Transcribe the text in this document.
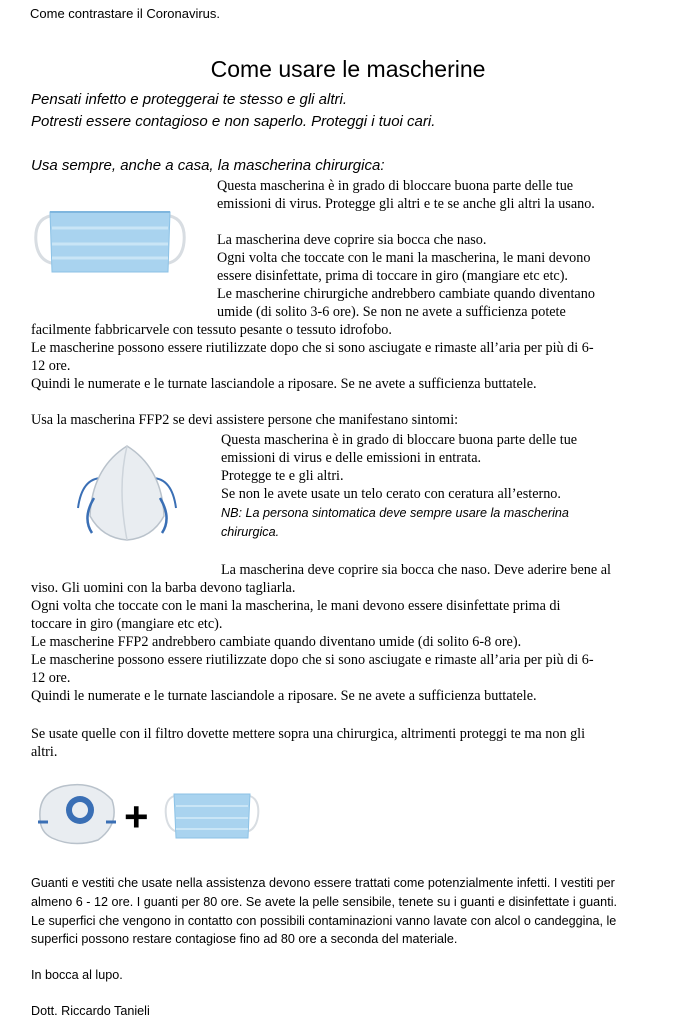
Come contrastare il Coronavirus.
Come usare le mascherine
Pensati infetto e proteggerai te stesso e gli altri.
Potresti essere contagioso e non saperlo. Proteggi i tuoi cari.
Usa sempre, anche a casa, la mascherina chirurgica:
Questa mascherina è in grado di bloccare buona parte delle tue
emissioni di virus. Protegge gli altri e te se anche gli altri la usano.
La mascherina deve coprire sia bocca che naso.
Ogni volta che toccate con le mani la mascherina, le mani devono
essere disinfettate, prima di toccare in giro (mangiare etc etc).
Le mascherine chirurgiche andrebbero cambiate quando diventano
umide (di solito 3-6 ore). Se non ne avete a sufficienza potete
facilmente fabbricarvele con tessuto pesante o tessuto idrofobo.
Le mascherine possono essere riutilizzate dopo che si sono asciugate e rimaste all’aria per più di 6-
12 ore.
Quindi le numerate e le turnate lasciandole a riposare. Se ne avete a sufficienza buttatele.
Usa la mascherina FFP2 se devi assistere persone che manifestano sintomi:
Questa mascherina è in grado di bloccare buona parte delle tue
emissioni di virus e delle emissioni in entrata.
Protegge te e gli altri.
Se non le avete usate un telo cerato con ceratura all’esterno.
NB: La persona sintomatica deve sempre usare la mascherina
chirurgica.
La mascherina deve coprire sia bocca che naso. Deve aderire bene al
viso. Gli uomini con la barba devono tagliarla.
Ogni volta che toccate con le mani la mascherina, le mani devono essere disinfettate prima di
toccare in giro (mangiare etc etc).
Le mascherine FFP2 andrebbero cambiate quando diventano umide (di solito 6-8 ore).
Le mascherine possono essere riutilizzate dopo che si sono asciugate e rimaste all’aria per più di 6-
12 ore.
Quindi le numerate e le turnate lasciandole a riposare. Se ne avete a sufficienza buttatele.
Se usate quelle con il filtro dovette mettere sopra una chirurgica, altrimenti proteggi te ma non gli
altri.
+
Guanti e vestiti che usate nella assistenza devono essere trattati come potenzialmente infetti. I vestiti per
almeno 6 - 12 ore. I guanti per 80 ore. Se avete la pelle sensibile, tenete su i guanti e disinfettate i guanti.
Le superfici che vengono in contatto con possibili contaminazioni vanno lavate con alcol o candeggina, le
superfici possono restare contagiose fino ad 80 ore a seconda del materiale.
In bocca al lupo.
Dott. Riccardo Tanieli
